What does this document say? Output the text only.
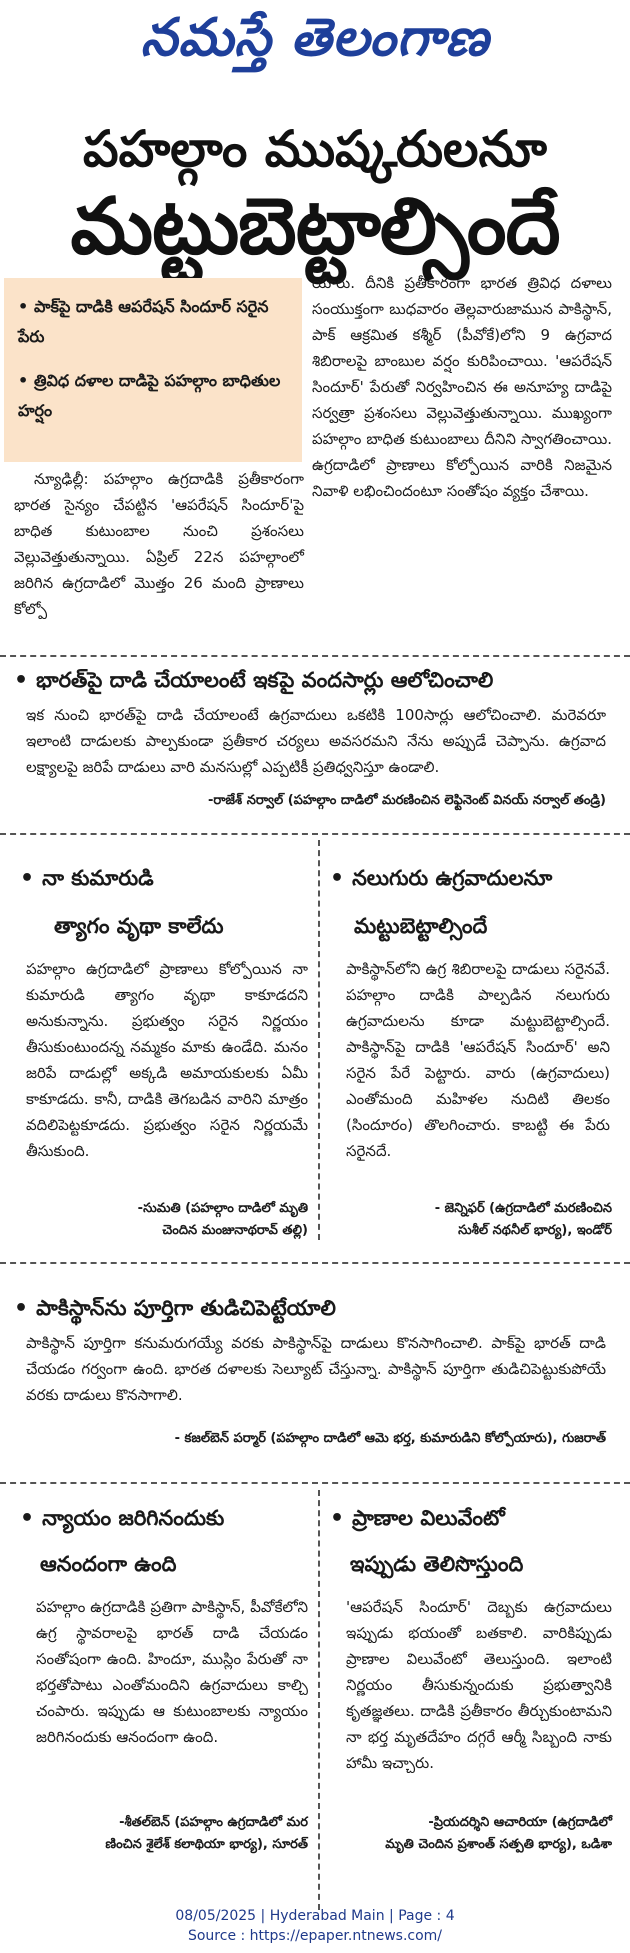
నమస్తే తెలంగాణ
పహల్గాం ముష్కరులనూ
మట్టుబెట్టాల్సిందే
• పాక్‌పై దాడికి ఆపరేషన్ సిందూర్ సరైన పేరు
• త్రివిధ దళాల దాడిపై పహల్గాం బాధితుల హర్షం
న్యూఢిల్లీ: పహల్గాం ఉగ్రదాడికి ప్రతీకారంగా భారత సైన్యం చేపట్టిన 'ఆపరేషన్ సిందూర్'పై బాధిత కుటుంబాల నుంచి ప్రశంసలు వెల్లువెత్తుతున్నాయి. ఏప్రిల్ 22న పహల్గాంలో జరిగిన ఉగ్రదాడిలో మొత్తం 26 మంది ప్రాణాలు కోల్పో
యారు. దీనికి ప్రతీకారంగా భారత త్రివిధ దళాలు సంయుక్తంగా బుధవారం తెల్లవారుజామున పాకిస్థాన్, పాక్ ఆక్రమిత కశ్మీర్ (పీవోకే)లోని 9 ఉగ్రవాద శిబిరాలపై బాంబుల వర్షం కురిపించాయి. 'ఆపరేషన్ సిందూర్' పేరుతో నిర్వహించిన ఈ అనూహ్య దాడిపై సర్వత్రా ప్రశంసలు వెల్లువెత్తుతున్నాయి. ముఖ్యంగా పహల్గాం బాధిత కుటుంబాలు దీనిని స్వాగతించాయి. ఉగ్రదాడిలో ప్రాణాలు కోల్పోయిన వారికి నిజమైన నివాళి లభించిందంటూ సంతోషం వ్యక్తం చేశాయి.
• భారత్‌పై దాడి చేయాలంటే ఇకపై వందసార్లు ఆలోచించాలి
ఇక నుంచి భారత్‌పై దాడి చేయాలంటే ఉగ్రవాదులు ఒకటికి 100సార్లు ఆలోచించాలి. మరెవరూ ఇలాంటి దాడులకు పాల్పకుండా ప్రతీకార చర్యలు అవసరమని నేను అప్పుడే చెప్పాను. ఉగ్రవాద లక్ష్యాలపై జరిపే దాడులు వారి మనసుల్లో ఎప్పటికీ ప్రతిధ్వనిస్తూ ఉండాలి.
-రాజేశ్ నర్వాల్ (పహల్గాం దాడిలో మరణించిన లెఫ్టినెంట్ వినయ్ నర్వాల్ తండ్రి)
• నా కుమారుడి
త్యాగం వృథా కాలేదు
పహల్గాం ఉగ్రదాడిలో ప్రాణాలు కోల్పోయిన నా కుమారుడి త్యాగం వృథా కాకూడదని అనుకున్నాను. ప్రభుత్వం సరైన నిర్ణయం తీసుకుంటుందన్న నమ్మకం మాకు ఉండేది. మనం జరిపే దాడుల్లో అక్కడి అమాయకులకు ఏమీ కాకూడదు. కానీ, దాడికి తెగబడిన వారిని మాత్రం వదిలిపెట్టకూడదు. ప్రభుత్వం సరైన నిర్ణయమే తీసుకుంది.
-సుమతి (పహల్గాం దాడిలో మృతి
చెందిన మంజునాథరావ్ తల్లి)
• నలుగురు ఉగ్రవాదులనూ
మట్టుబెట్టాల్సిందే
పాకిస్థాన్‌లోని ఉగ్ర శిబిరాలపై దాడులు సరైనవే. పహల్గాం దాడికి పాల్పడిన నలుగురు ఉగ్రవాదులను కూడా మట్టుబెట్టాల్సిందే. పాకిస్థాన్‌పై దాడికి 'ఆపరేషన్ సిందూర్' అని సరైన పేరే పెట్టారు. వారు (ఉగ్రవాదులు) ఎంతోమంది మహిళల నుదిటి తిలకం (సిందూరం) తొలగించారు. కాబట్టి ఈ పేరు సరైనదే.
- జెన్నిఫర్ (ఉగ్రదాడిలో మరణించిన
సుశీల్ నథనీల్ భార్య), ఇండోర్
• పాకిస్థాన్‌ను పూర్తిగా తుడిచిపెట్టేయాలి
పాకిస్థాన్ పూర్తిగా కనుమరుగయ్యే వరకు పాకిస్థాన్‌పై దాడులు కొనసాగించాలి. పాక్‌పై భారత్ దాడి చేయడం గర్వంగా ఉంది. భారత దళాలకు సెల్యూట్ చేస్తున్నా. పాకిస్థాన్ పూర్తిగా తుడిచిపెట్టుకుపోయే వరకు దాడులు కొనసాగాలి.
- కజల్‌బెన్ పర్మార్ (పహల్గాం దాడిలో ఆమె భర్త, కుమారుడిని కోల్పోయారు), గుజరాత్
• న్యాయం జరిగినందుకు
ఆనందంగా ఉంది
పహల్గాం ఉగ్రదాడికి ప్రతిగా పాకిస్థాన్, పీవోకేలోని ఉగ్ర స్థావరాలపై భారత్ దాడి చేయడం సంతోషంగా ఉంది. హిందూ, ముస్లిం పేరుతో నా భర్తతోపాటు ఎంతోమందిని ఉగ్రవాదులు కాల్చి చంపారు. ఇప్పుడు ఆ కుటుంబాలకు న్యాయం జరిగినందుకు ఆనందంగా ఉంది.
-శీతల్‌బెన్ (పహల్గాం ఉగ్రదాడిలో మర
ణించిన శైలేశ్ కలాథియా భార్య), సూరత్
• ప్రాణాల విలువేంటో
ఇప్పుడు తెలిసొస్తుంది
'ఆపరేషన్ సిందూర్' దెబ్బకు ఉగ్రవాదులు ఇప్పుడు భయంతో బతకాలి. వారికిప్పుడు ప్రాణాల విలువేంటో తెలుస్తుంది. ఇలాంటి నిర్ణయం తీసుకున్నందుకు ప్రభుత్వానికి కృతజ్ఞతలు. దాడికి ప్రతీకారం తీర్చుకుంటామని నా భర్త మృతదేహం దగ్గరే ఆర్మీ సిబ్బంది నాకు హామీ ఇచ్చారు.
-ప్రియదర్శిని ఆచారియా (ఉగ్రదాడిలో
మృతి చెందిన ప్రశాంత్ సత్పతి భార్య), ఒడిశా
08/05/2025 | Hyderabad Main | Page : 4
Source : https://epaper.ntnews.com/
